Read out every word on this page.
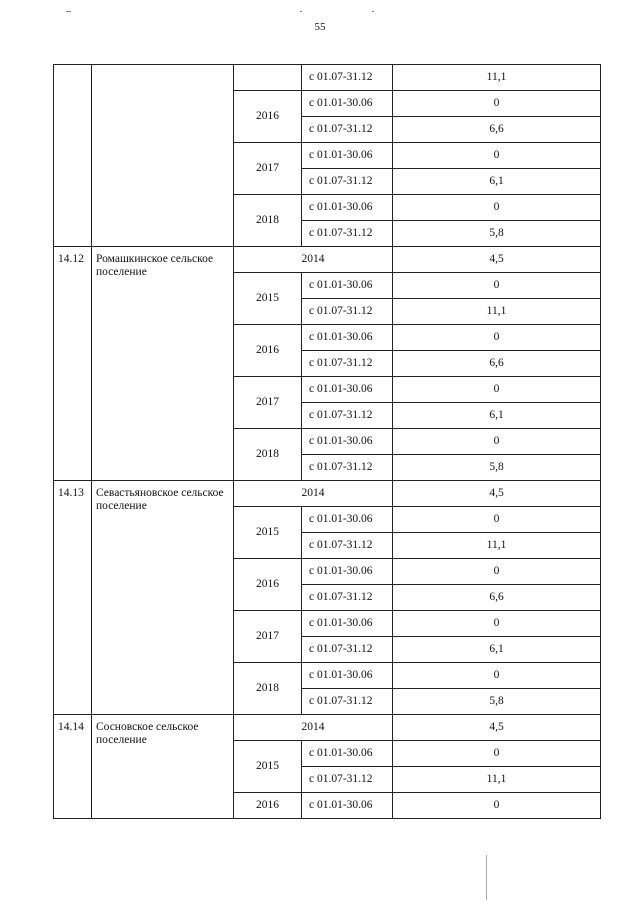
55
			с 01.07-31.12	11,1
		2016	с 01.01-30.06	0
			с 01.07-31.12	6,6
		2017	с 01.01-30.06	0
			с 01.07-31.12	6,1
		2018	с 01.01-30.06	0
			с 01.07-31.12	5,8
14.12	Ромашкинское сельское поселение	2014		4,5
		2015	с 01.01-30.06	0
			с 01.07-31.12	11,1
		2016	с 01.01-30.06	0
			с 01.07-31.12	6,6
		2017	с 01.01-30.06	0
			с 01.07-31.12	6,1
		2018	с 01.01-30.06	0
			с 01.07-31.12	5,8
14.13	Севастьяновское сельское поселение	2014		4,5
		2015	с 01.01-30.06	0
			с 01.07-31.12	11,1
		2016	с 01.01-30.06	0
			с 01.07-31.12	6,6
		2017	с 01.01-30.06	0
			с 01.07-31.12	6,1
		2018	с 01.01-30.06	0
			с 01.07-31.12	5,8
14.14	Сосновское сельское поселение	2014		4,5
		2015	с 01.01-30.06	0
			с 01.07-31.12	11,1
		2016	с 01.01-30.06	0
